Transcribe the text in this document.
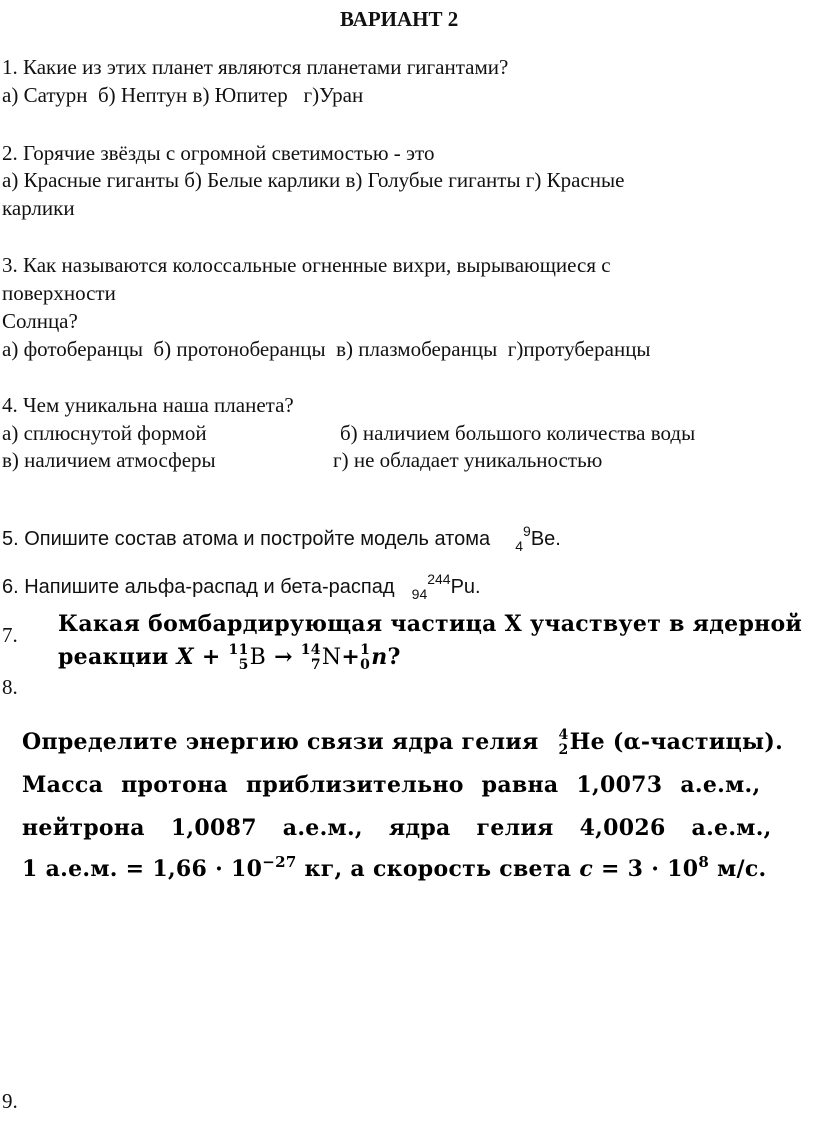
ВАРИАНТ 2
1. Какие из этих планет являются планетами гигантами?
а) Сатурн  б) Нептун в) Юпитер   г)Уран
2. Горячие звёзды с огромной светимостью - это
а) Красные гиганты б) Белые карлики в) Голубые гиганты г) Красные
карлики
3. Как называются колоссальные огненные вихри, вырывающиеся с
поверхности
Солнца?
а) фотоберанцы  б) протоноберанцы  в) плазмоберанцы  г)протуберанцы
4. Чем уникальна наша планета?
а) сплюснутой формой	б) наличием большого количества воды
в) наличием атмосферы	г) не обладает уникальностью
5. Опишите состав атома и постройте модель атома $_4^9$Be.
6. Напишите альфа-распад и бета-распад $_{94}^{244}$Pu.
7. Какая бомбардирующая частица X участвует в ядерной
реакции X + 11
5 B → 14
7 N+ 1
0 n?
8.
Определите энергию связи ядра гелия 4
2 He (α-частицы).
Масса протона приблизительно равна 1,0073 а.е.м.,
нейтрона 1,0087 а.е.м., ядра гелия 4,0026 а.е.м.,
1 а.е.м. = $1,66 \cdot 10^{-27}$ кг, а скорость света $c = 3 \cdot 10^8$ м/с.
9.
